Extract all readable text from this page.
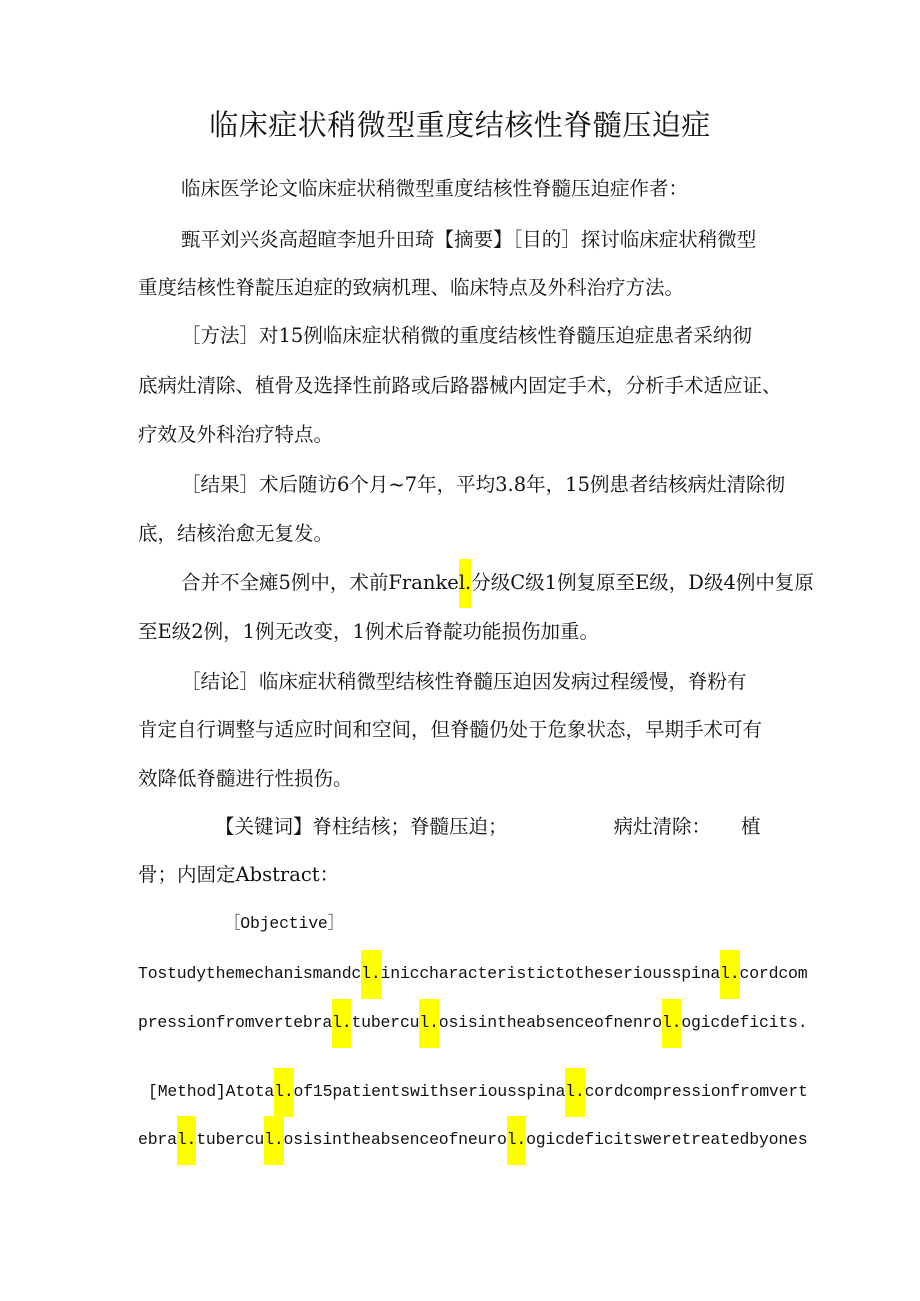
临床症状稍微型重度结核性脊髓压迫症
临床医学论文临床症状稍微型重度结核性脊髓压迫症作者：
甄平刘兴炎高超暄李旭升田琦【摘要】［目的］探讨临床症状稍微型
重度结核性脊靛压迫症的致病机理、临床特点及外科治疗方法。
［方法］对15例临床症状稍微的重度结核性脊髓压迫症患者采纳彻
底病灶清除、植骨及选择性前路或后路器械内固定手术，分析手术适应证、
疗效及外科治疗特点。
［结果］术后随访6个月~7年，平均3.8年，15例患者结核病灶清除彻
底，结核治愈无复发。
合并不全瘫5例中，术前Frankel.分级C级1例复原至E级，D级4例中复原
至E级2例，1例无改变，1例术后脊靛功能损伤加重。
［结论］临床症状稍微型结核性脊髓压迫因发病过程缓慢，脊粉有
肯定自行调整与适应时间和空间，但脊髓仍处于危象状态，早期手术可有
效降低脊髓进行性损伤。
【关键词】脊柱结核；脊髓压迫；	病灶清除： 植
骨；内固定Abstract：
［Objective］
Tostudythemechanismandcl.iniccharacteristictotheseriousspinal.cordcom
pressionfromvertebral.tubercul.osisintheabsenceofnenrol.ogicdeficits.
[Method]Atotal.of15patientswithseriousspinal.cordcompressionfromvert
ebral.tubercul.osisintheabsenceofneurol.ogicdeficitsweretreatedbyones
